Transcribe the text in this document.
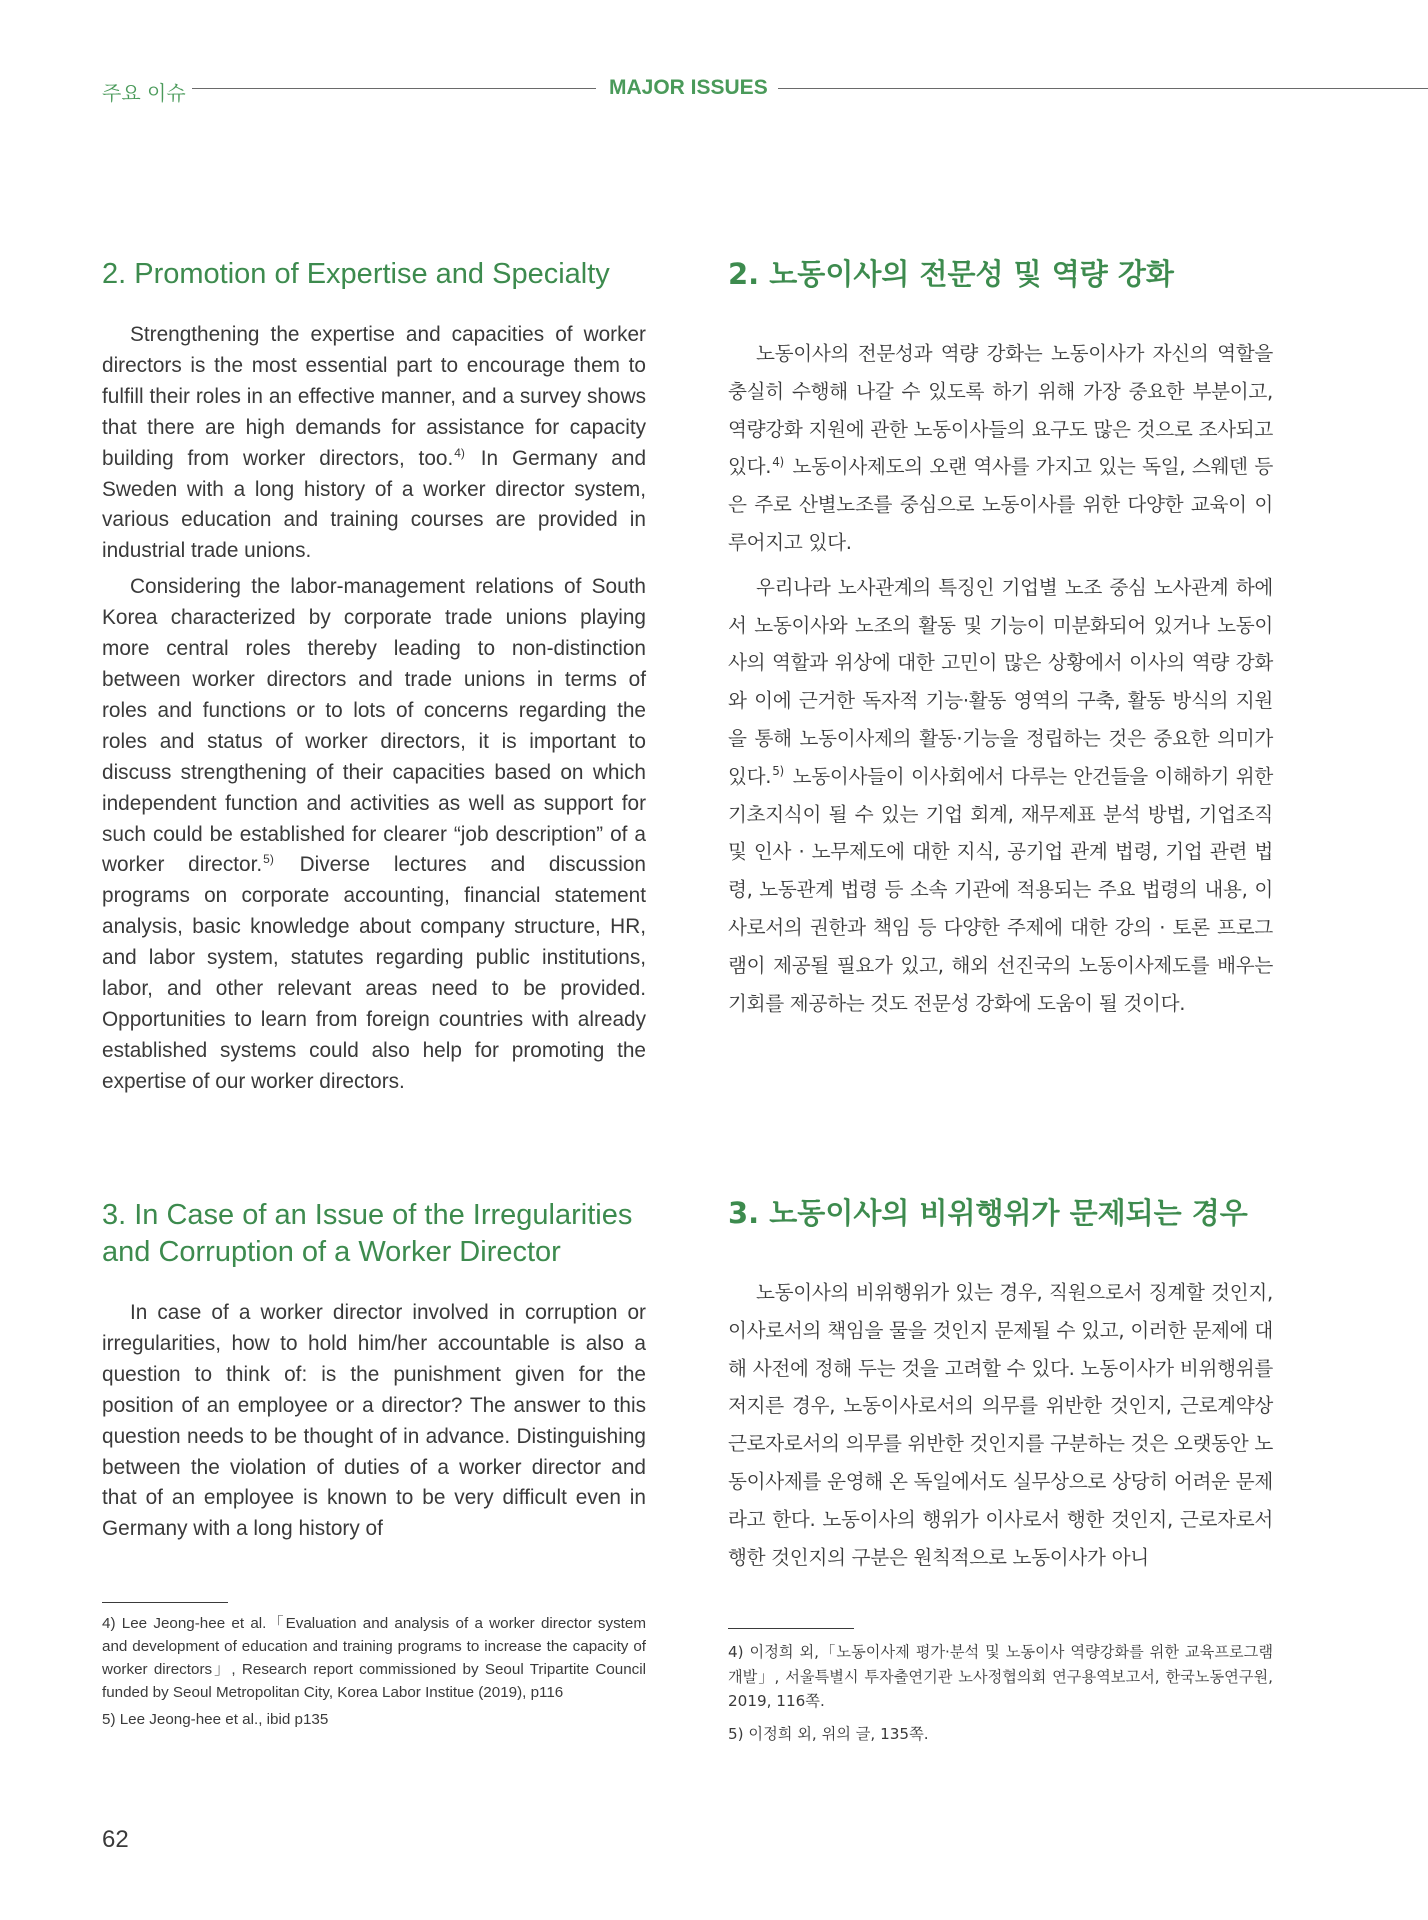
주요 이슈	MAJOR ISSUES
2. Promotion of Expertise and Specialty

Strengthening the expertise and capacities of worker directors is the most essential part to encourage them to fulfill their roles in an effective manner, and a survey shows that there are high demands for assistance for capacity building from worker directors, too.$^{4)}$ In Germany and Sweden with a long history of a worker director system, various education and training courses are provided in industrial trade unions.

Considering the labor-management relations of South Korea characterized by corporate trade unions playing more central roles thereby leading to non-distinction between worker directors and trade unions in terms of roles and functions or to lots of concerns regarding the roles and status of worker directors, it is important to discuss strengthening of their capacities based on which independent function and activities as well as support for such could be established for clearer “job description” of a worker director.$^{5)}$ Diverse lectures and discussion programs on corporate accounting, financial statement analysis, basic knowledge about company structure, HR, and labor system, statutes regarding public institutions, labor, and other relevant areas need to be provided. Opportunities to learn from foreign countries with already established systems could also help for promoting the expertise of our worker directors.

2. 노동이사의 전문성 및 역량 강화

노동이사의 전문성과 역량 강화는 노동이사가 자신의 역할을 충실히 수행해 나갈 수 있도록 하기 위해 가장 중요한 부분이고, 역량강화 지원에 관한 노동이사들의 요구도 많은 것으로 조사되고 있다.$^{4)}$ 노동이사제도의 오랜 역사를 가지고 있는 독일, 스웨덴 등은 주로 산별노조를 중심으로 노동이사를 위한 다양한 교육이 이루어지고 있다.

우리나라 노사관계의 특징인 기업별 노조 중심 노사관계 하에서 노동이사와 노조의 활동 및 기능이 미분화되어 있거나 노동이사의 역할과 위상에 대한 고민이 많은 상황에서 이사의 역량 강화와 이에 근거한 독자적 기능·활동 영역의 구축, 활동 방식의 지원을 통해 노동이사제의 활동·기능을 정립하는 것은 중요한 의미가 있다.$^{5)}$ 노동이사들이 이사회에서 다루는 안건들을 이해하기 위한 기초지식이 될 수 있는 기업 회계, 재무제표 분석 방법, 기업조직 및 인사 · 노무제도에 대한 지식, 공기업 관계 법령, 기업 관련 법령, 노동관계 법령 등 소속 기관에 적용되는 주요 법령의 내용, 이사로서의 권한과 책임 등 다양한 주제에 대한 강의 · 토론 프로그램이 제공될 필요가 있고, 해외 선진국의 노동이사제도를 배우는 기회를 제공하는 것도 전문성 강화에 도움이 될 것이다.

3. In Case of an Issue of the Irregularities and Corruption of a Worker Director

In case of a worker director involved in corruption or irregularities, how to hold him/her accountable is also a question to think of: is the punishment given for the position of an employee or a director? The answer to this question needs to be thought of in advance. Distinguishing between the violation of duties of a worker director and that of an employee is known to be very difficult even in Germany with a long history of

3. 노동이사의 비위행위가 문제되는 경우

노동이사의 비위행위가 있는 경우, 직원으로서 징계할 것인지, 이사로서의 책임을 물을 것인지 문제될 수 있고, 이러한 문제에 대해 사전에 정해 두는 것을 고려할 수 있다. 노동이사가 비위행위를 저지른 경우, 노동이사로서의 의무를 위반한 것인지, 근로계약상 근로자로서의 의무를 위반한 것인지를 구분하는 것은 오랫동안 노동이사제를 운영해 온 독일에서도 실무상으로 상당히 어려운 문제라고 한다. 노동이사의 행위가 이사로서 행한 것인지, 근로자로서 행한 것인지의 구분은 원칙적으로 노동이사가 아니

4) Lee Jeong-hee et al.「Evaluation and analysis of a worker director system and development of education and training programs to increase the capacity of worker directors」, Research report commissioned by Seoul Tripartite Council funded by Seoul Metropolitan City, Korea Labor Institue (2019), p116

5) Lee Jeong-hee et al., ibid p135

4) 이정희 외,「노동이사제 평가·분석 및 노동이사 역량강화를 위한 교육프로그램 개발」, 서울특별시 투자출연기관 노사정협의회 연구용역보고서, 한국노동연구원, 2019, 116쪽.

5) 이정희 외, 위의 글, 135쪽.

62
